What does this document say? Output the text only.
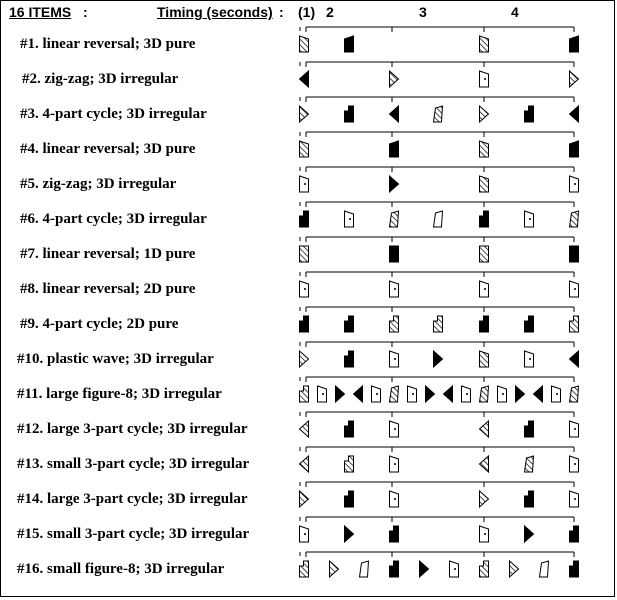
16 ITEMS :	Timing (seconds) : (1) 2	3	4
#1. linear reversal; 3D pure
#2. zig-zag; 3D irregular
#3. 4-part cycle; 3D irregular
#4. linear reversal; 3D pure
#5. zig-zag; 3D irregular
#6. 4-part cycle; 3D irregular
#7. linear reversal; 1D pure
#8. linear reversal; 2D pure
#9. 4-part cycle; 2D pure
#10. plastic wave; 3D irregular
#11. large figure-8; 3D irregular
#12. large 3-part cycle; 3D irregular
#13. small 3-part cycle; 3D irregular
#14. large 3-part cycle; 3D irregular
#15. small 3-part cycle; 3D irregular
#16. small figure-8; 3D irregular
